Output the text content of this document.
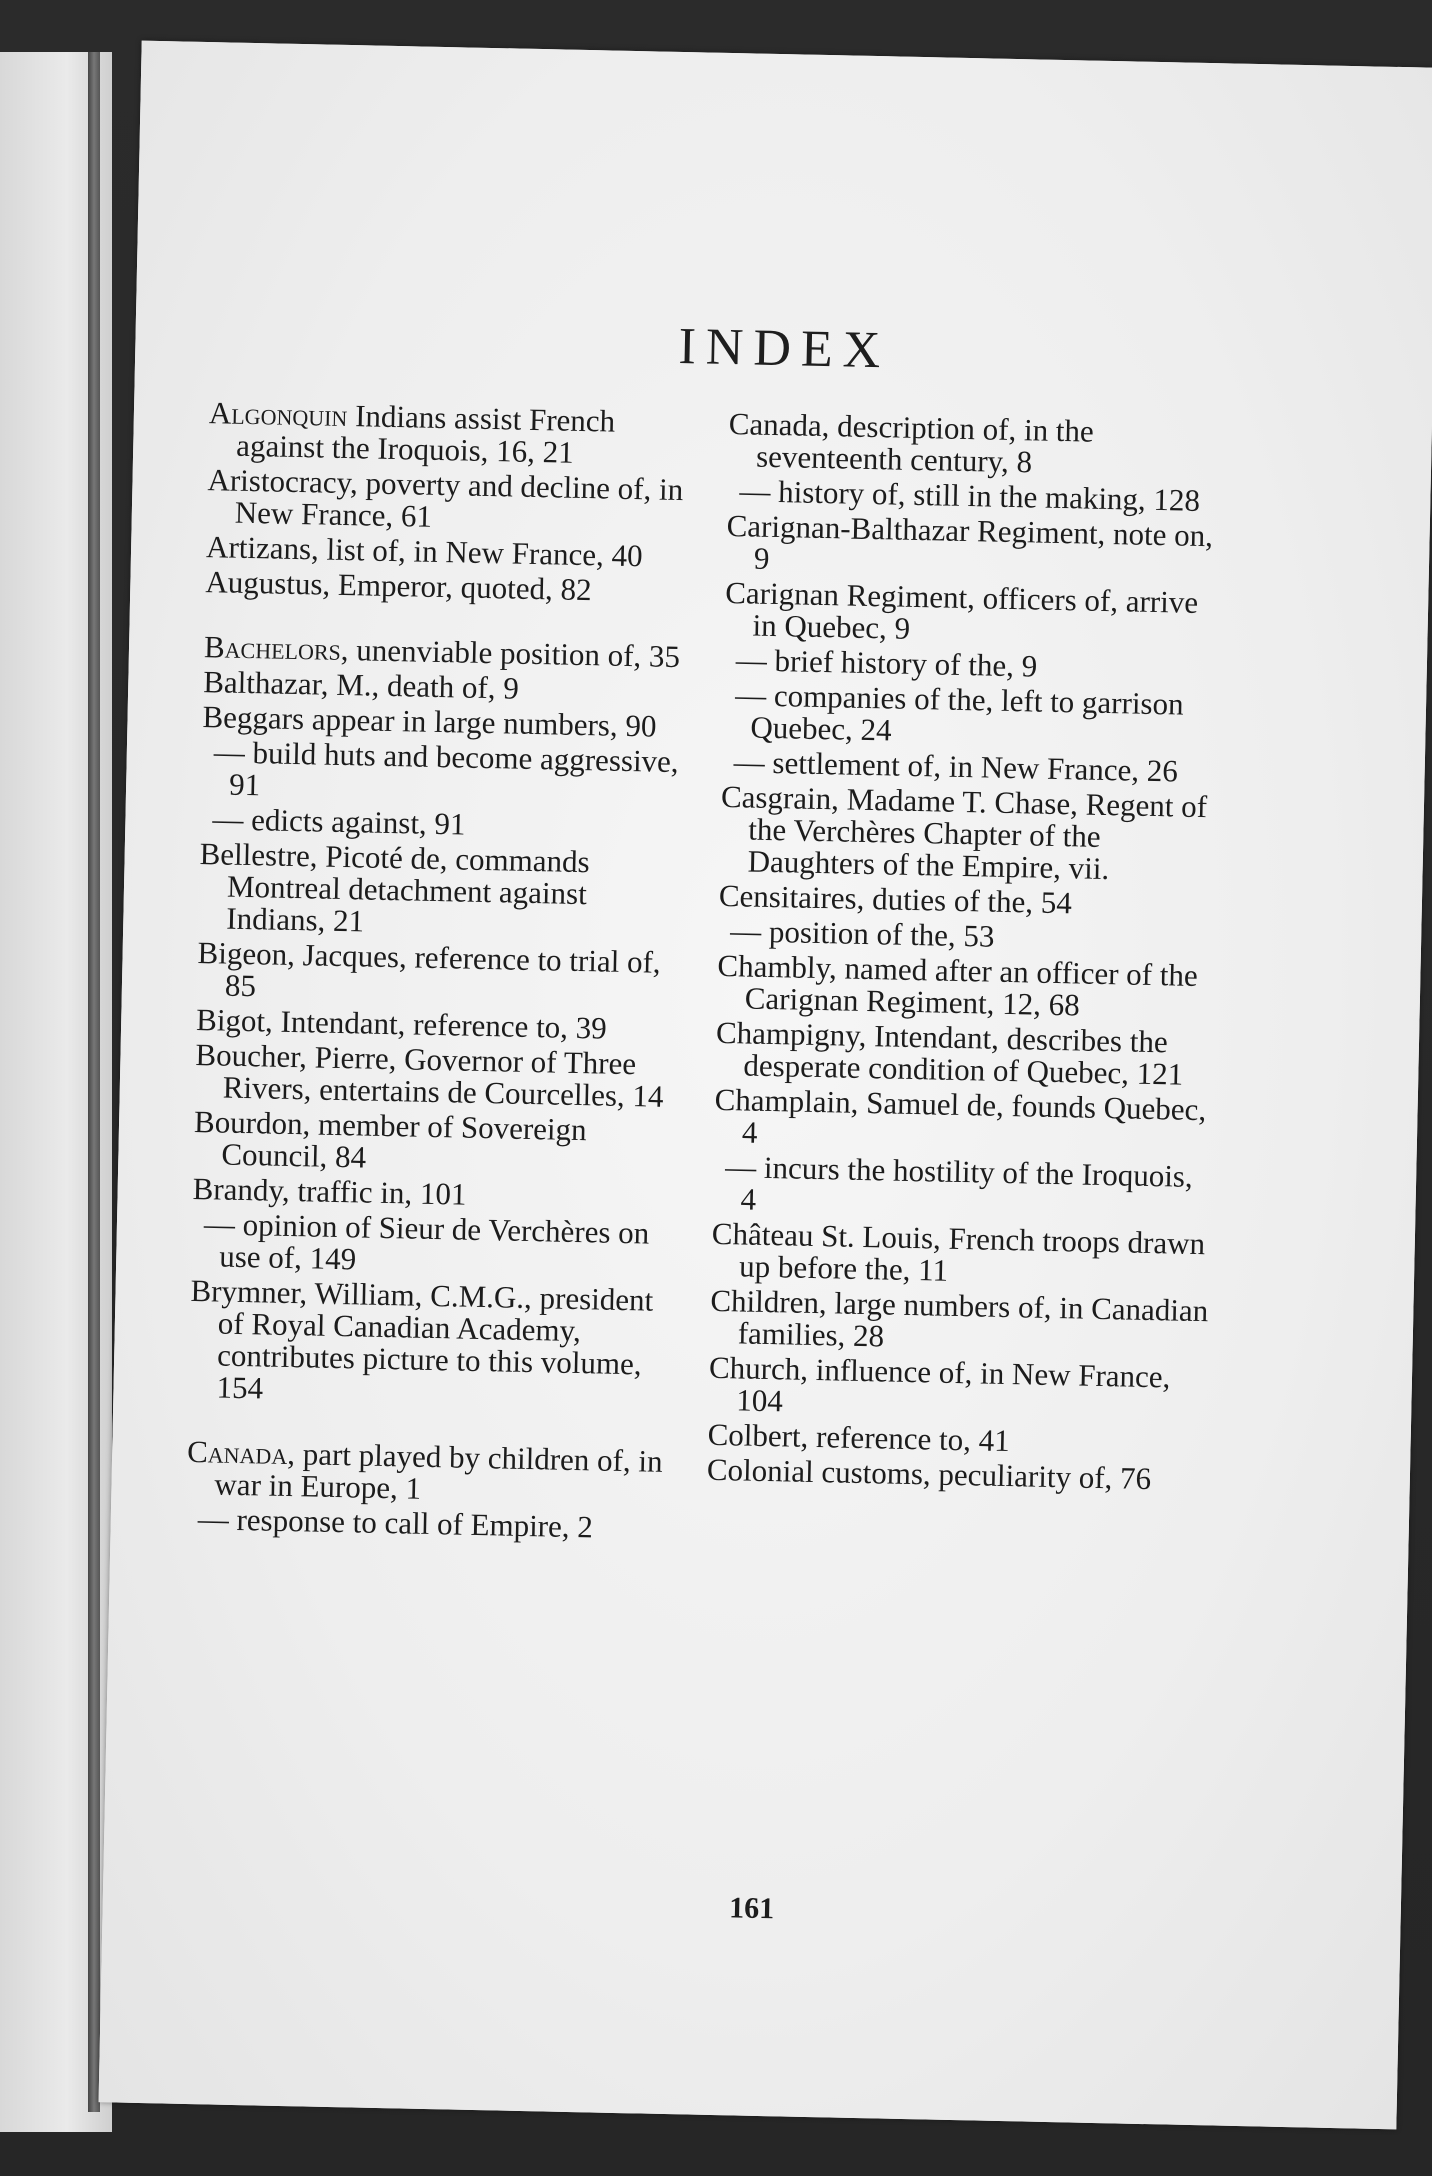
INDEX
Algonquin Indians assist French against the Iroquois, 16, 21
Aristocracy, poverty and decline of, in New France, 61
Artizans, list of, in New France, 40
Augustus, Emperor, quoted, 82
Bachelors, unenviable position of, 35
Balthazar, M., death of, 9
Beggars appear in large numbers, 90
— build huts and become aggressive, 91
— edicts against, 91
Bellestre, Picoté de, commands Montreal detachment against Indians, 21
Bigeon, Jacques, reference to trial of, 85
Bigot, Intendant, reference to, 39
Boucher, Pierre, Governor of Three Rivers, entertains de Courcelles, 14
Bourdon, member of Sovereign Council, 84
Brandy, traffic in, 101
— opinion of Sieur de Verchères on use of, 149
Brymner, William, C.M.G., president of Royal Canadian Academy, contributes picture to this volume, 154
Canada, part played by children of, in war in Europe, 1
— response to call of Empire, 2
Canada, description of, in the seventeenth century, 8
— history of, still in the making, 128
Carignan-Balthazar Regiment, note on, 9
Carignan Regiment, officers of, arrive in Quebec, 9
— brief history of the, 9
— companies of the, left to garrison Quebec, 24
— settlement of, in New France, 26
Casgrain, Madame T. Chase, Regent of the Verchères Chapter of the Daughters of the Empire, vii.
Censitaires, duties of the, 54
— position of the, 53
Chambly, named after an officer of the Carignan Regiment, 12, 68
Champigny, Intendant, describes the desperate condition of Quebec, 121
Champlain, Samuel de, founds Quebec, 4
— incurs the hostility of the Iroquois, 4
Château St. Louis, French troops drawn up before the, 11
Children, large numbers of, in Canadian families, 28
Church, influence of, in New France, 104
Colbert, reference to, 41
Colonial customs, peculiarity of, 76
161
